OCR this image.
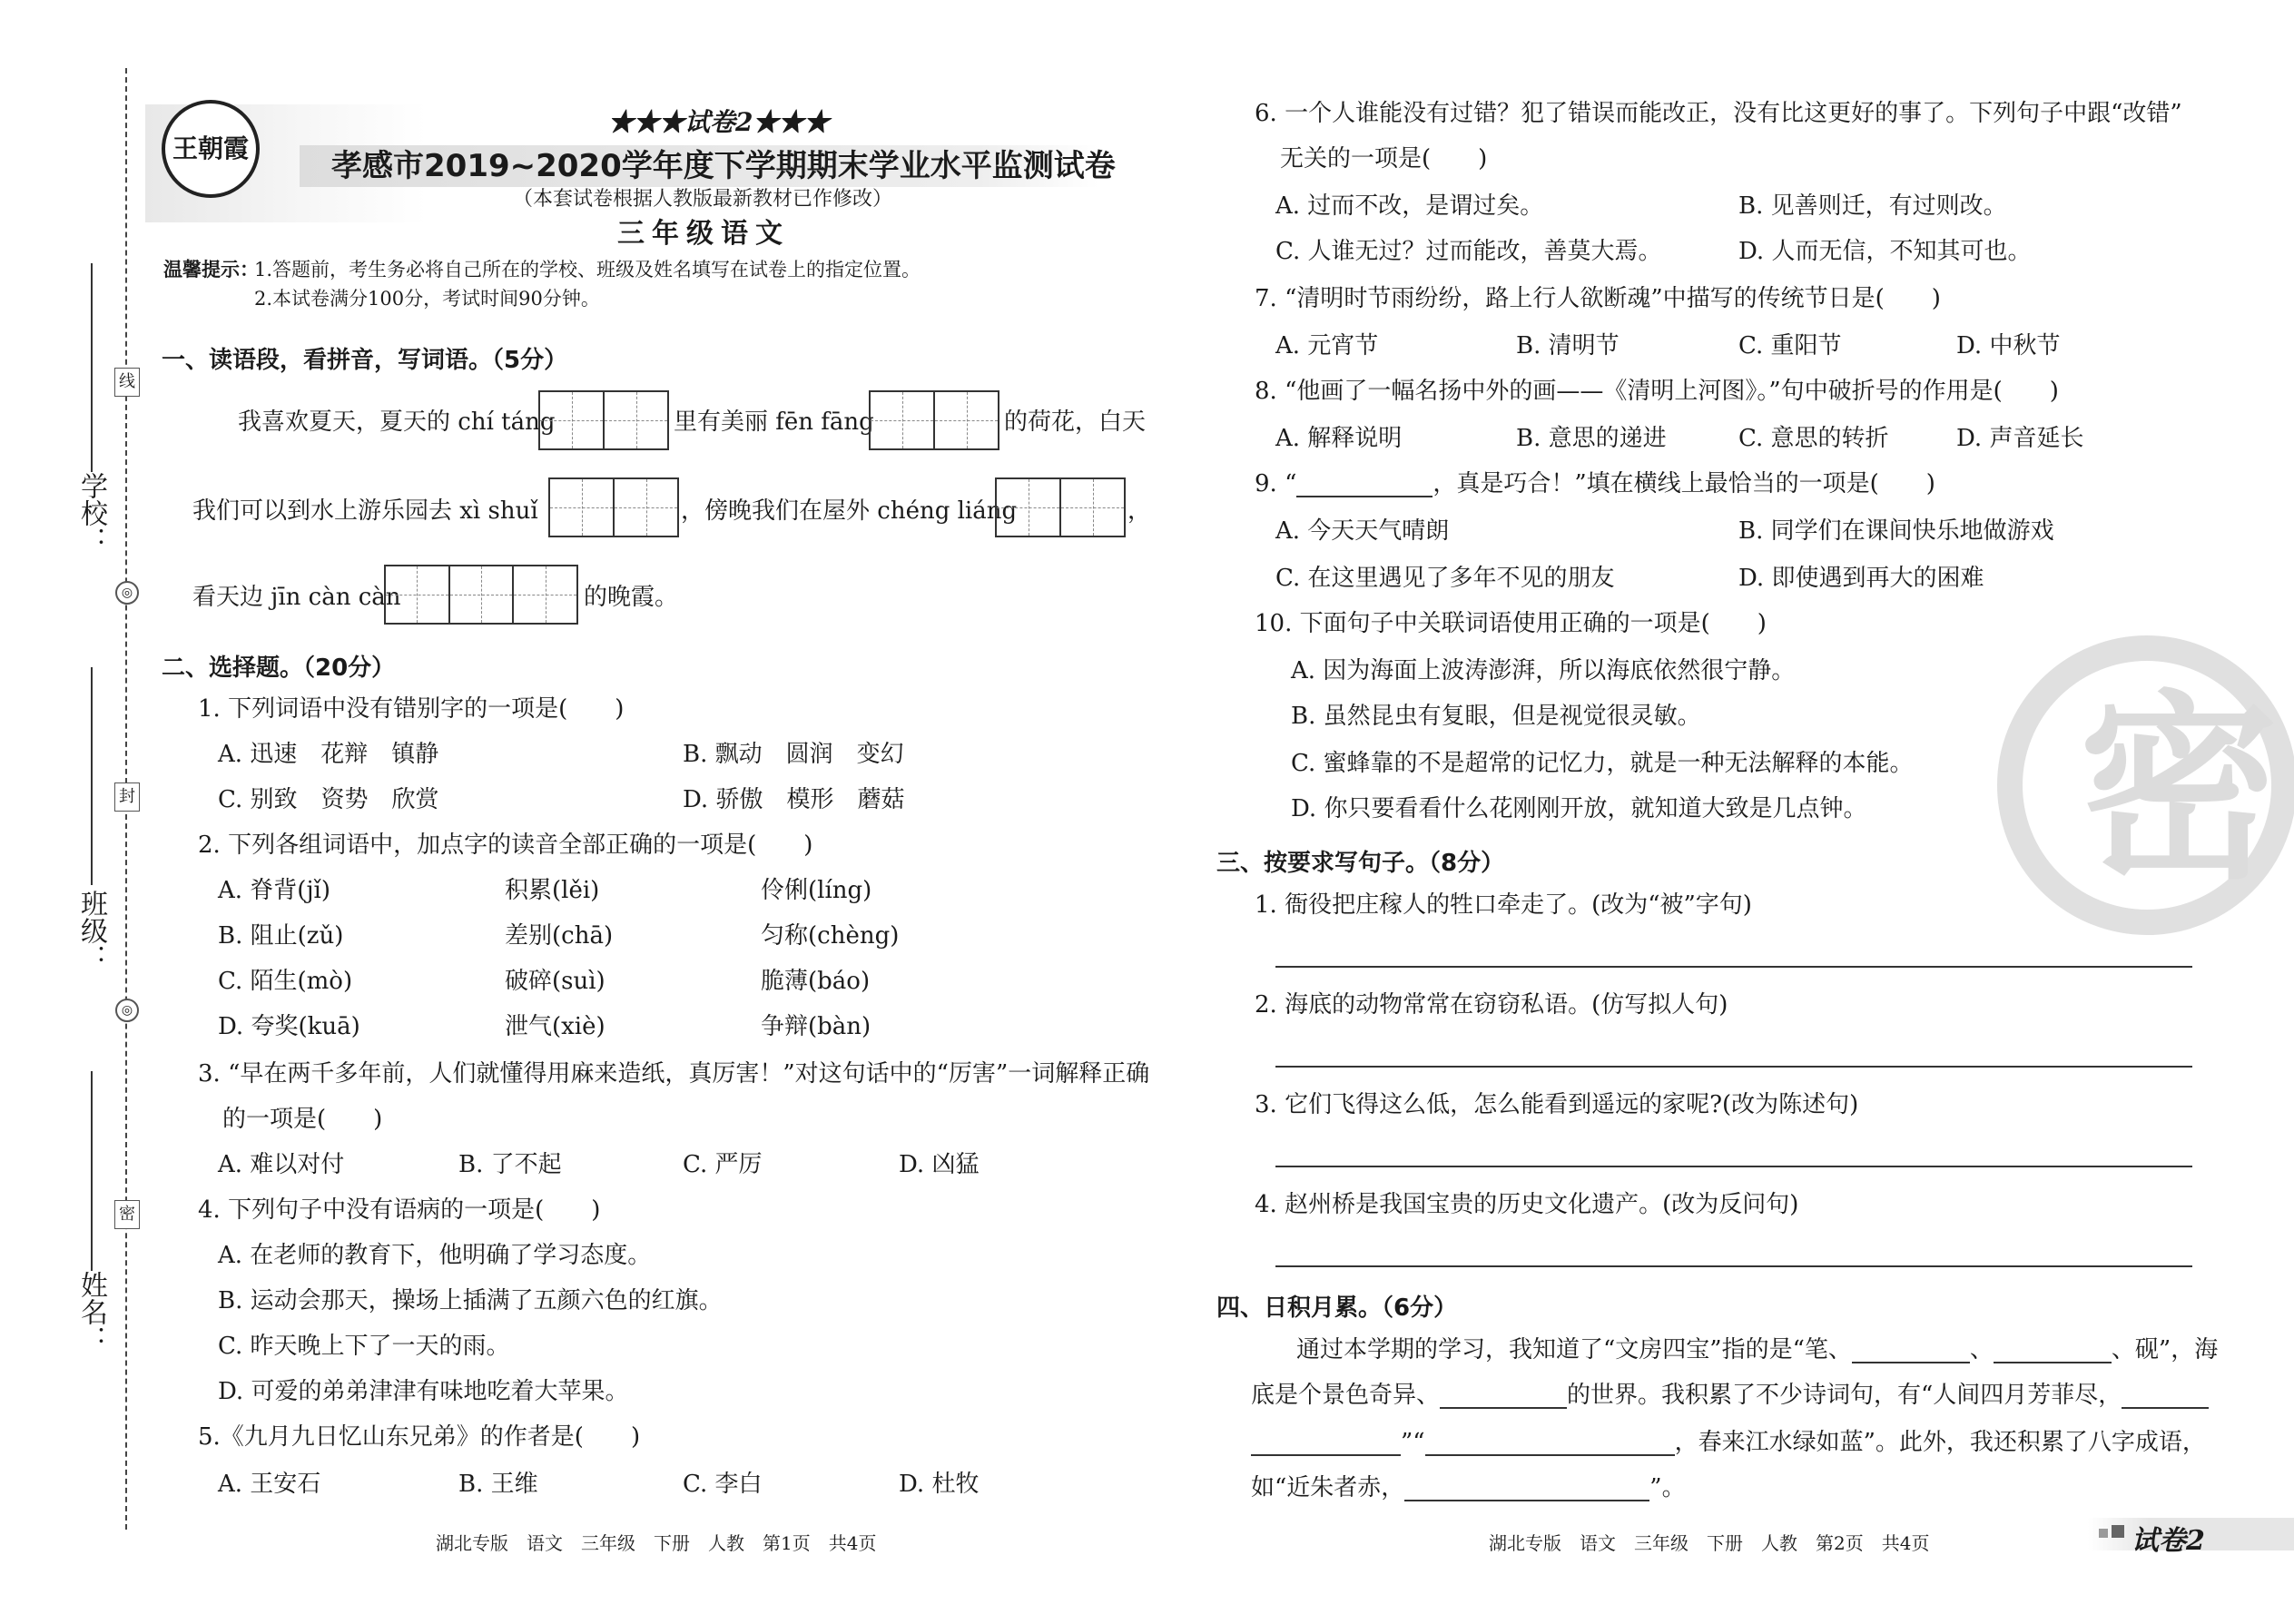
线
◎
封
◎
密
学校：
班级：
姓名：
王朝霞
★★★试卷2★★★
孝感市2019~2020学年度下学期期末学业水平监测试卷
（本套试卷根据人教版最新教材已作修改）
三年级语文
温馨提示：
1.答题前，考生务必将自己所在的学校、班级及姓名填写在试卷上的指定位置。
2.本试卷满分100分，考试时间90分钟。
一、读语段，看拼音，写词语。（5分）
我喜欢夏天，夏天的 chí táng	里有美丽 fēn fāng	的荷花，白天
我们可以到水上游乐园去 xì shuǐ	，傍晚我们在屋外 chéng liáng	，
看天边 jīn càn càn	的晚霞。
二、选择题。（20分）
1. 下列词语中没有错别字的一项是(　　)
A. 迅速　花辩　镇静	B. 飘动　圆润　变幻
C. 别致　资势　欣赏	D. 骄傲　模形　蘑菇
2. 下列各组词语中，加点字的读音全部正确的一项是(　　)
A. 脊背(jǐ)	积累(lěi)	伶俐(líng)
B. 阻止(zǔ)	差别(chā)	匀称(chèng)
C. 陌生(mò)	破碎(suì)	脆薄(báo)
D. 夸奖(kuā)	泄气(xiè)	争辩(bàn)
3. “早在两千多年前，人们就懂得用麻来造纸，真厉害！”对这句话中的“厉害”一词解释正确
的一项是(　　)
A. 难以对付	B. 了不起	C. 严厉	D. 凶猛
4. 下列句子中没有语病的一项是(　　)
A. 在老师的教育下，他明确了学习态度。
B. 运动会那天，操场上插满了五颜六色的红旗。
C. 昨天晚上下了一天的雨。
D. 可爱的弟弟津津有味地吃着大苹果。
5.《九月九日忆山东兄弟》的作者是(　　)
A. 王安石	B. 王维	C. 李白	D. 杜牧
湖北专版　语文　三年级　下册　人教　第1页　共4页
密
6. 一个人谁能没有过错？犯了错误而能改正，没有比这更好的事了。下列句子中跟“改错”
无关的一项是(　　)
A. 过而不改，是谓过矣。	B. 见善则迁，有过则改。
C. 人谁无过？过而能改，善莫大焉。	D. 人而无信，不知其可也。
7. “清明时节雨纷纷，路上行人欲断魂”中描写的传统节日是(　　)
A. 元宵节	B. 清明节	C. 重阳节	D. 中秋节
8. “他画了一幅名扬中外的画——《清明上河图》。”句中破折号的作用是(　　)
A. 解释说明	B. 意思的递进	C. 意思的转折	D. 声音延长
9. “	，真是巧合！”填在横线上最恰当的一项是(　　)
A. 今天天气晴朗	B. 同学们在课间快乐地做游戏
C. 在这里遇见了多年不见的朋友	D. 即使遇到再大的困难
10. 下面句子中关联词语使用正确的一项是(　　)
A. 因为海面上波涛澎湃，所以海底依然很宁静。
B. 虽然昆虫有复眼，但是视觉很灵敏。
C. 蜜蜂靠的不是超常的记忆力，就是一种无法解释的本能。
D. 你只要看看什么花刚刚开放，就知道大致是几点钟。
三、按要求写句子。（8分）
1. 衙役把庄稼人的牲口牵走了。(改为“被”字句)
2. 海底的动物常常在窃窃私语。(仿写拟人句)
3. 它们飞得这么低，怎么能看到遥远的家呢?(改为陈述句)
4. 赵州桥是我国宝贵的历史文化遗产。(改为反问句)
四、日积月累。（6分）
通过本学期的学习，我知道了“文房四宝”指的是“笔、	、	、砚”，海
底是个景色奇异、	的世界。我积累了不少诗词句，有“人间四月芳菲尽，
”“	，春来江水绿如蓝”。此外，我还积累了八字成语，
如“近朱者赤，	”。
湖北专版　语文　三年级　下册　人教　第2页　共4页	试卷2
